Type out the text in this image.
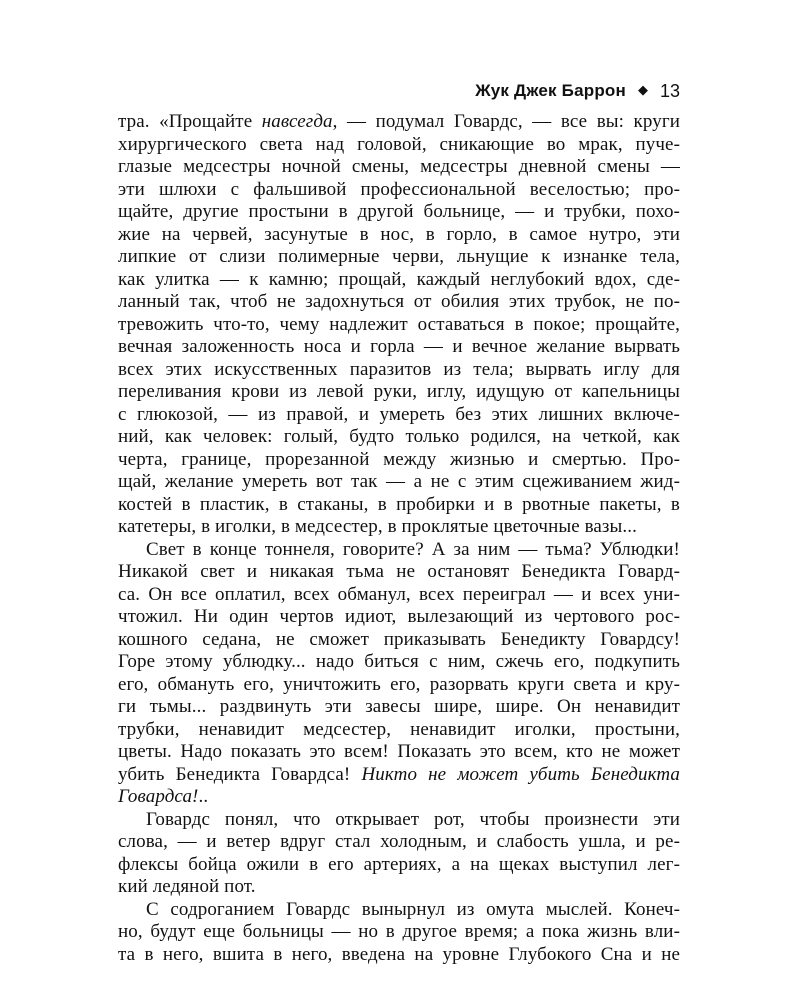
Жук Джек Баррон ◆ 13
тра. «Прощайте навсегда, — подумал Говардс, — все вы: круги
хирургического света над головой, сникающие во мрак, пуче-
глазые медсестры ночной смены, медсестры дневной смены —
эти шлюхи с фальшивой профессиональной веселостью; про-
щайте, другие простыни в другой больнице, — и трубки, похо-
жие на червей, засунутые в нос, в горло, в самое нутро, эти
липкие от слизи полимерные черви, льнущие к изнанке тела,
как улитка — к камню; прощай, каждый неглубокий вдох, сде-
ланный так, чтоб не задохнуться от обилия этих трубок, не по-
тревожить что-то, чему надлежит оставаться в покое; прощайте,
вечная заложенность носа и горла — и вечное желание вырвать
всех этих искусственных паразитов из тела; вырвать иглу для
переливания крови из левой руки, иглу, идущую от капельницы
с глюкозой, — из правой, и умереть без этих лишних включе-
ний, как человек: голый, будто только родился, на четкой, как
черта, границе, прорезанной между жизнью и смертью. Про-
щай, желание умереть вот так — а не с этим сцеживанием жид-
костей в пластик, в стаканы, в пробирки и в рвотные пакеты, в
катетеры, в иголки, в медсестер, в проклятые цветочные вазы...
Свет в конце тоннеля, говорите? А за ним — тьма? Ублюдки!
Никакой свет и никакая тьма не остановят Бенедикта Говард-
са. Он все оплатил, всех обманул, всех переиграл — и всех уни-
чтожил. Ни один чертов идиот, вылезающий из чертового рос-
кошного седана, не сможет приказывать Бенедикту Говардсу!
Горе этому ублюдку... надо биться с ним, сжечь его, подкупить
его, обмануть его, уничтожить его, разорвать круги света и кру-
ги тьмы... раздвинуть эти завесы шире, шире. Он ненавидит
трубки, ненавидит медсестер, ненавидит иголки, простыни,
цветы. Надо показать это всем! Показать это всем, кто не может
убить Бенедикта Говардса! Никто не может убить Бенедикта
Говардса!..
Говардс понял, что открывает рот, чтобы произнести эти
слова, — и ветер вдруг стал холодным, и слабость ушла, и ре-
флексы бойца ожили в его артериях, а на щеках выступил лег-
кий ледяной пот.
С содроганием Говардс вынырнул из омута мыслей. Конеч-
но, будут еще больницы — но в другое время; а пока жизнь вли-
та в него, вшита в него, введена на уровне Глубокого Сна и не
